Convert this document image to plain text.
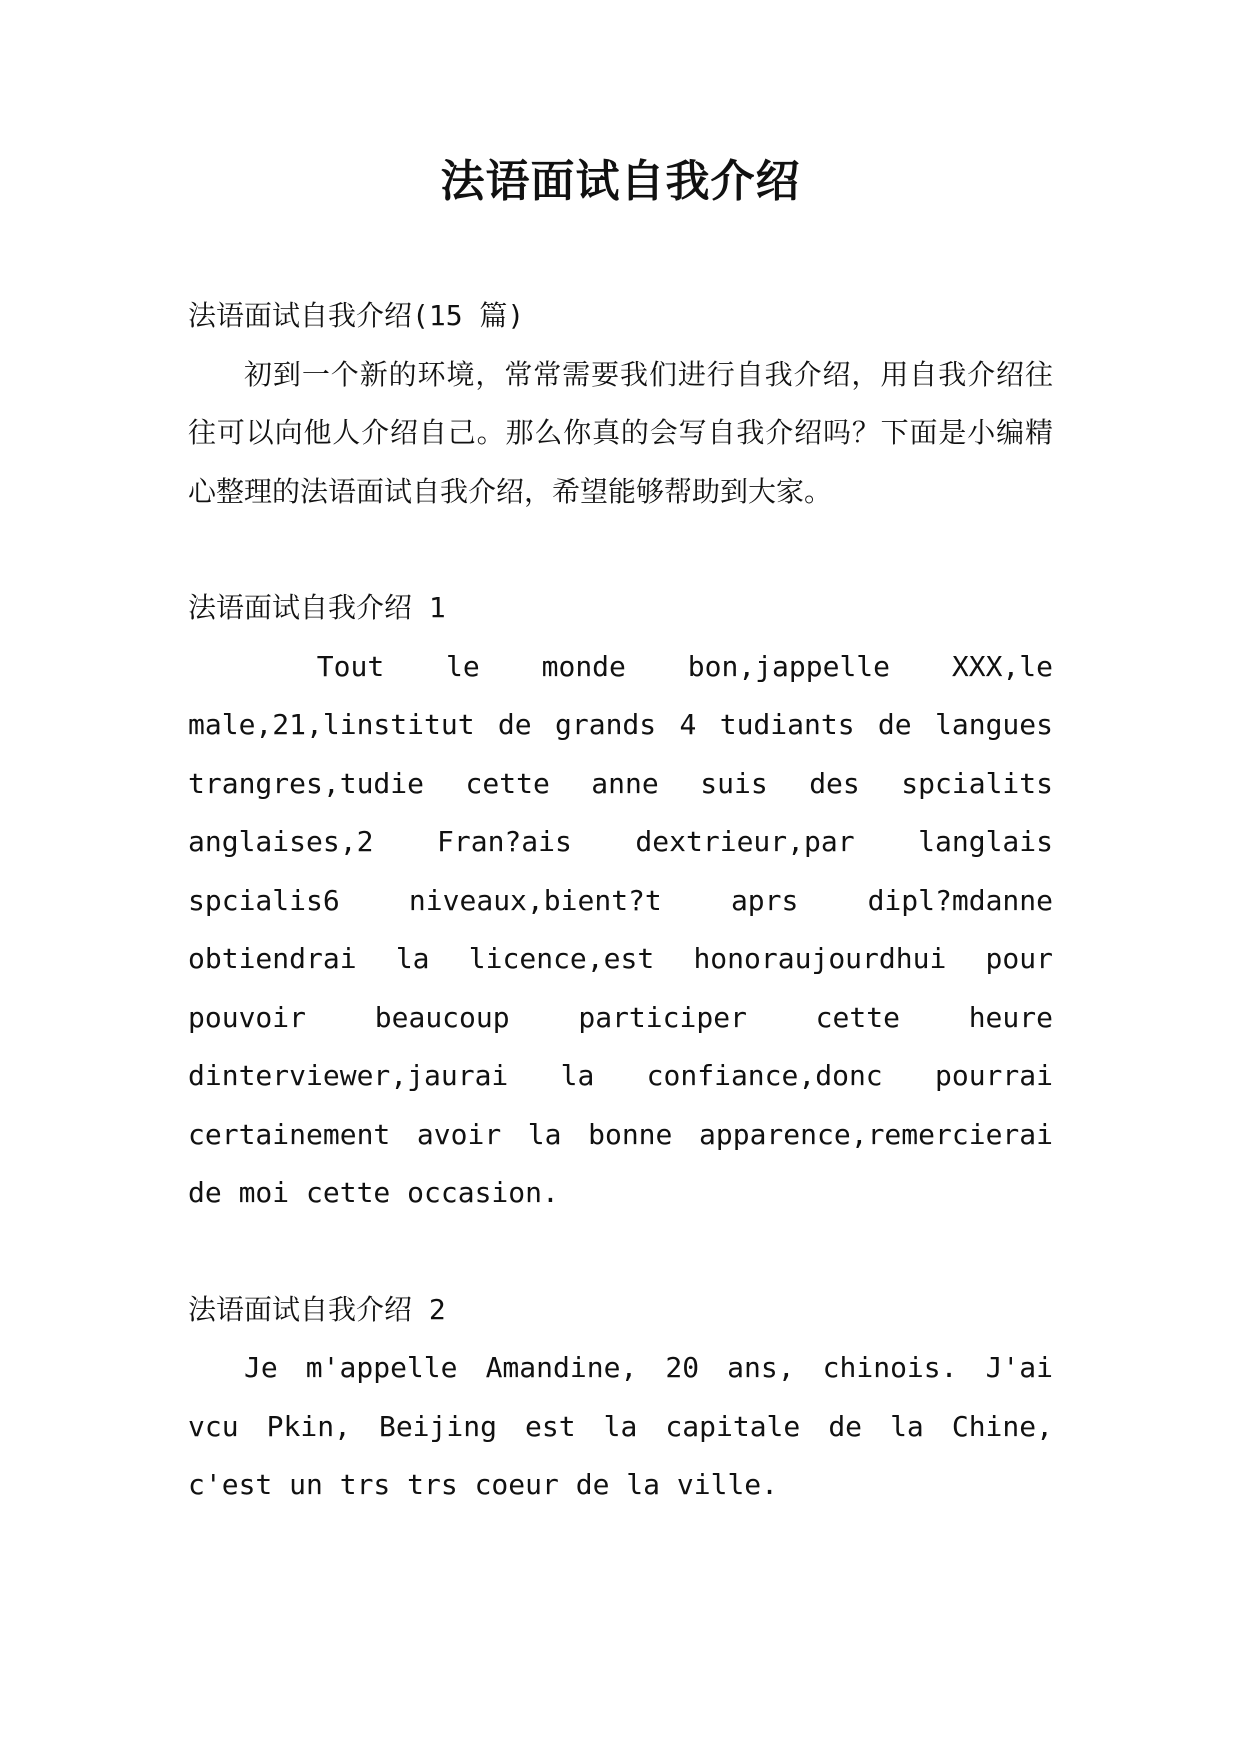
法语面试自我介绍

法语面试自我介绍(15 篇)

初到一个新的环境，常常需要我们进行自我介绍，用自我介绍往往可以向他人介绍自己。那么你真的会写自我介绍吗？下面是小编精心整理的法语面试自我介绍，希望能够帮助到大家。

法语面试自我介绍 1

Tout le monde bon,jappelle XXX,le male,21,linstitut de grands 4 tudiants de langues trangres,tudie cette anne suis des spcialits anglaises,2 Fran?ais dextrieur,par langlais spcialis6 niveaux,bient?t aprs dipl?mdanne obtiendrai la licence,est honoraujourdhui pour pouvoir beaucoup participer cette heure dinterviewer,jaurai la confiance,donc pourrai certainement avoir la bonne apparence,remercierai de moi cette occasion.

法语面试自我介绍 2

Je m'appelle Amandine, 20 ans, chinois. J'ai vcu Pkin, Beijing est la capitale de la Chine, c'est un trs trs coeur de la ville.
